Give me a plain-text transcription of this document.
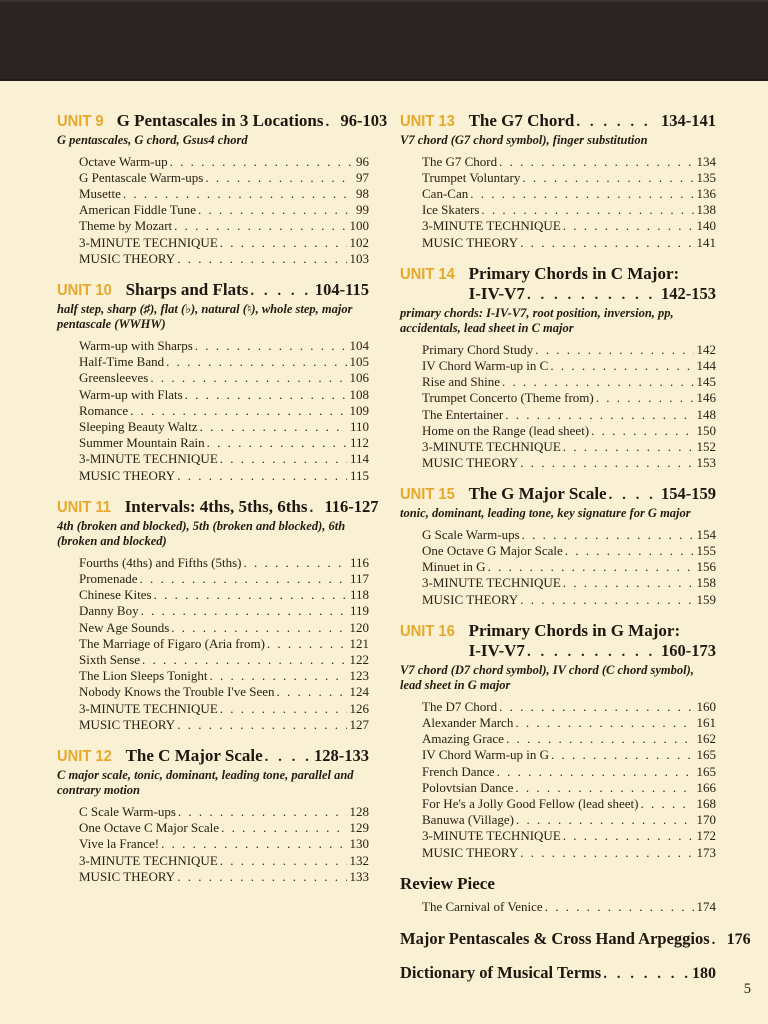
UNIT 9 G Pentascales in 3 Locations . . . 96-103

G pentascales, G chord, Gsus4 chord

Octave Warm-up . . .	96
G Pentascale Warm-ups . . .	97
Musette . . .	98
American Fiddle Tune . . .	99
Theme by Mozart . . .	100
3-MINUTE TECHNIQUE . . .	102
MUSIC THEORY . . .	103
UNIT 10 Sharps and Flats . . .	104-115

half step, sharp (♯), flat (♭), natural (♮), whole step, major pentascale (WWHW)

Warm-up with Sharps . . .	104
Half-Time Band . . .	105
Greensleeves . . .	106
Warm-up with Flats . . .	108
Romance . . .	109
Sleeping Beauty Waltz . . .	110
Summer Mountain Rain . . .	112
3-MINUTE TECHNIQUE . . .	114
MUSIC THEORY . . .	115
UNIT 11 Intervals: 4ths, 5ths, 6ths . . . 116-127

4th (broken and blocked), 5th (broken and blocked), 6th (broken and blocked)

Fourths (4ths) and Fifths (5ths) . . .	116
Promenade . . .	117
Chinese Kites . . .	118
Danny Boy . . .	119
New Age Sounds . . .	120
The Marriage of Figaro (Aria from) . . .	121
Sixth Sense . . .	122
The Lion Sleeps Tonight . . .	123
Nobody Knows the Trouble I've Seen . . .	124
3-MINUTE TECHNIQUE . . .	126
MUSIC THEORY . . .	127
UNIT 12 The C Major Scale . . .	128-133

C major scale, tonic, dominant, leading tone, parallel and contrary motion

C Scale Warm-ups . . .	128
One Octave C Major Scale . . .	129
Vive la France! . . .	130
3-MINUTE TECHNIQUE . . .	132
MUSIC THEORY . . .	133
UNIT 13 The G7 Chord . . .	134-141

V7 chord (G7 chord symbol), finger substitution

The G7 Chord . . .	134
Trumpet Voluntary . . .	135
Can-Can . . .	136
Ice Skaters . . .	138
3-MINUTE TECHNIQUE . . .	140
MUSIC THEORY . . .	141
UNIT 14 Primary Chords in C Major:
I-IV-V7 . . .	142-153

primary chords: I-IV-V7, root position, inversion, pp, accidentals, lead sheet in C major

Primary Chord Study . . .	142
IV Chord Warm-up in C . . .	144
Rise and Shine . . .	145
Trumpet Concerto (Theme from) . . .	146
The Entertainer . . .	148
Home on the Range (lead sheet) . . .	150
3-MINUTE TECHNIQUE . . .	152
MUSIC THEORY . . .	153
UNIT 15 The G Major Scale . . .	154-159

tonic, dominant, leading tone, key signature for G major

G Scale Warm-ups . . .	154
One Octave G Major Scale . . .	155
Minuet in G . . .	156
3-MINUTE TECHNIQUE . . .	158
MUSIC THEORY . . .	159
UNIT 16 Primary Chords in G Major:
I-IV-V7 . . .	160-173

V7 chord (D7 chord symbol), IV chord (C chord symbol), lead sheet in G major

The D7 Chord . . .	160
Alexander March . . .	161
Amazing Grace . . .	162
IV Chord Warm-up in G . . .	165
French Dance . . .	165
Polovtsian Dance . . .	166
For He's a Jolly Good Fellow (lead sheet) . . .	168
Banuwa (Village) . . .	170
3-MINUTE TECHNIQUE . . .	172
MUSIC THEORY . . .	173
Review Piece
The Carnival of Venice . . .	174
Major Pentascales & Cross Hand Arpeggios . . . 176
Dictionary of Musical Terms . . .	180
5
